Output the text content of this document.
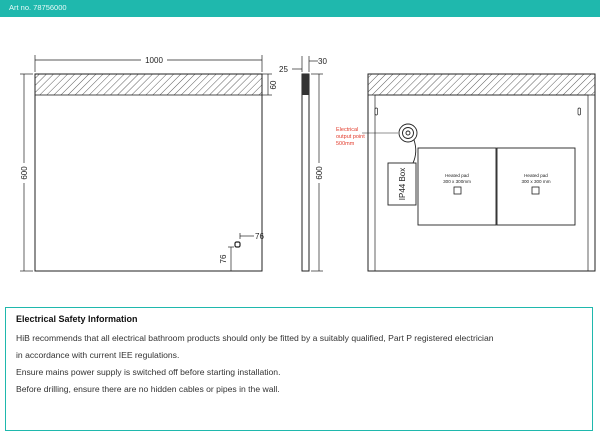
Art no. 78756000
1000
600
60
76
76
30
25
600
Electrical
output point
500mm
IP44 Box	Heated pad
300 x 300mm
Heated pad
300 x 300 mm
Electrical Safety Information
HiB recommends that all electrical bathroom products should only be fitted by a suitably qualified, Part P registered electrician
in accordance with current IEE regulations.
Ensure mains power supply is switched off before starting installation.
Before drilling, ensure there are no hidden cables or pipes in the wall.
